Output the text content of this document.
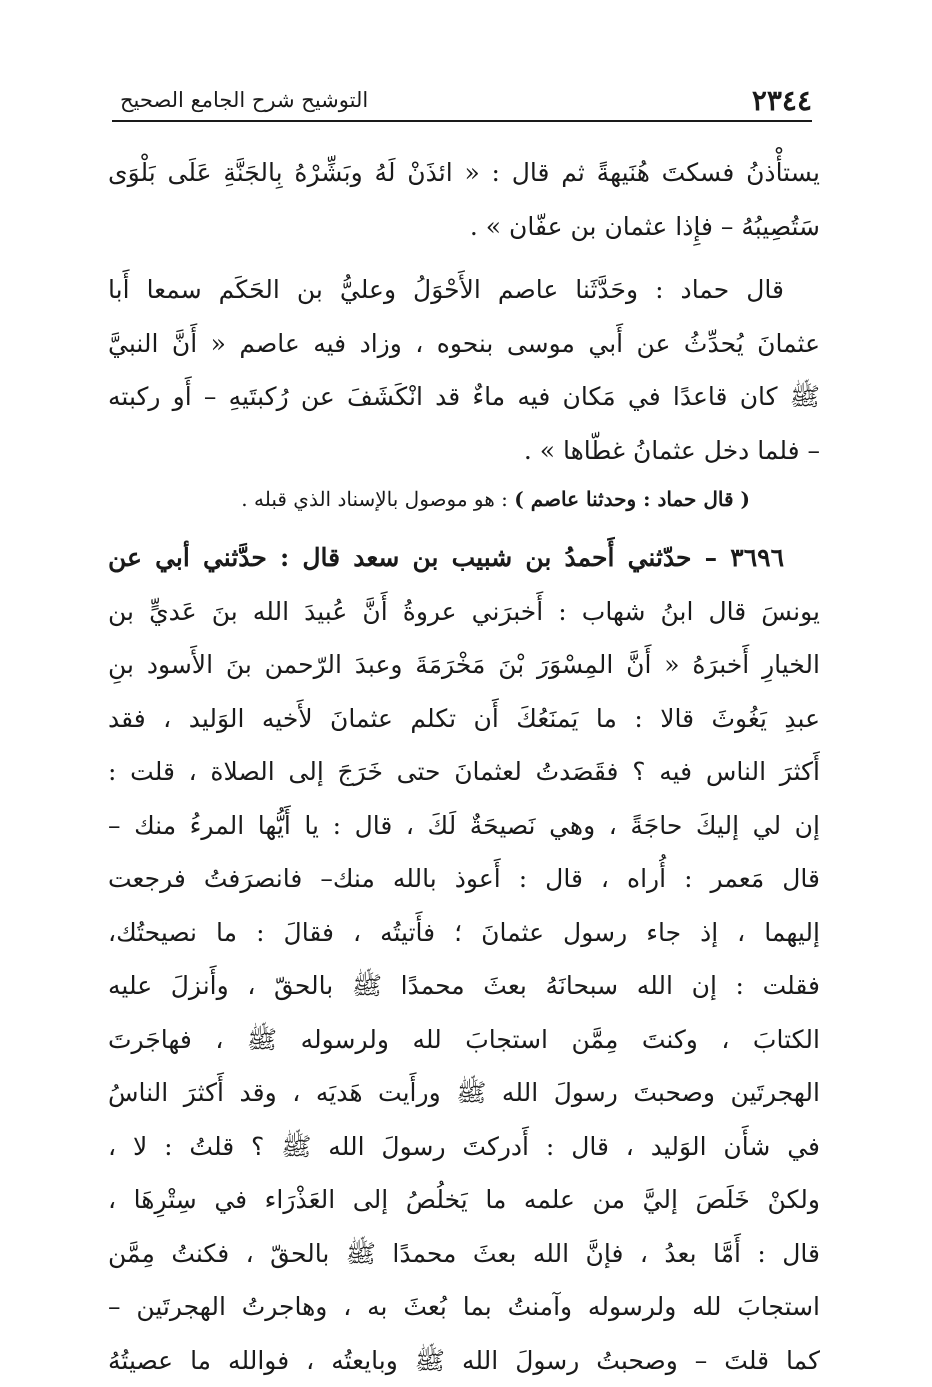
٢٣٤٤
التوشيح شرح الجامع الصحيح
يستأْذنُ فسكتَ هُنَيهةً ثم قال : « ائذَنْ لَهُ وبَشِّرْهُ بِالجَنَّةِ عَلَى بَلْوَى
سَتُصِيبُهُ – فإِذا عثمان بن عفّان » .
قال حماد : وحَدَّثَنا عاصم الأَحْوَلُ وعليُّ بن الحَكَم سمعا أَبا
عثمانَ يُحدِّثُ عن أَبي موسى بنحوه ، وزاد فيه عاصم « أَنَّ النبيَّ
ﷺ كان قاعدًا في مَكان فيه ماءٌ قد انْكَشَفَ عن رُكبتَيهِ – أَو ركبته
– فلما دخل عثمانُ غطّاها » .
( قال حماد : وحدثنا عاصم ) : هو موصول بالإسناد الذي قبله .
٣٦٩٦ – حدّثني أَحمدُ بن شبيب بن سعد قال : حدَّثني أبي عن
يونسَ قال ابنُ شهاب : أَخبرَني عروةُ أَنَّ عُبيدَ الله بنَ عَديٍّ بن
الخيارِ أَخبرَهُ « أَنَّ المِسْوَرَ بْنَ مَخْرَمَةَ وعبدَ الرّحمن بنَ الأَسود بنِ
عبدِ يَغُوثَ قالا : ما يَمنَعُكَ أَن تكلم عثمانَ لأَخيه الوَليد ، فقد
أَكثرَ الناس فيه ؟ فقَصَدتُ لعثمانَ حتى خَرَجَ إلى الصلاة ، قلت :
إن لي إليكَ حاجَةً ، وهي نَصيحَةٌ لَكَ ، قال : يا أَيُّها المرءُ منك –
قال مَعمر : أُراه ، قال : أَعوذ بالله منك– فانصرَفتُ فرجعت
إليهما ، إذ جاء رسول عثمانَ ؛ فأَتيتُه ، فقالَ : ما نصيحتُك،
فقلت : إن الله سبحانَهُ بعثَ محمدًا ﷺ بالحقّ ، وأَنزلَ عليه
الكتابَ ، وكنتَ مِمَّن استجابَ لله ولرسوله ﷺ ، فهاجَرتَ
الهجرتَين وصحبتَ رسولَ الله ﷺ ورأَيت هَديَه ، وقد أَكثرَ الناسُ
في شأَن الوَليد ، قال : أَدركتَ رسولَ الله ﷺ ؟ قلتُ : لا ،
ولكنْ خَلَصَ إليَّ من علمه ما يَخلُصُ إلى العَذْرَاء في سِتْرِهَا ،
قال : أَمَّا بعدُ ، فإنَّ الله بعثَ محمدًا ﷺ بالحقّ ، فكنتُ مِمَّن
استجابَ لله ولرسوله وآمنتُ بما بُعثَ به ، وهاجرتُ الهجرتَين –
كما قلتَ – وصحبتُ رسولَ الله ﷺ وبايعتُه ، فوالله ما عصيتُهُ
